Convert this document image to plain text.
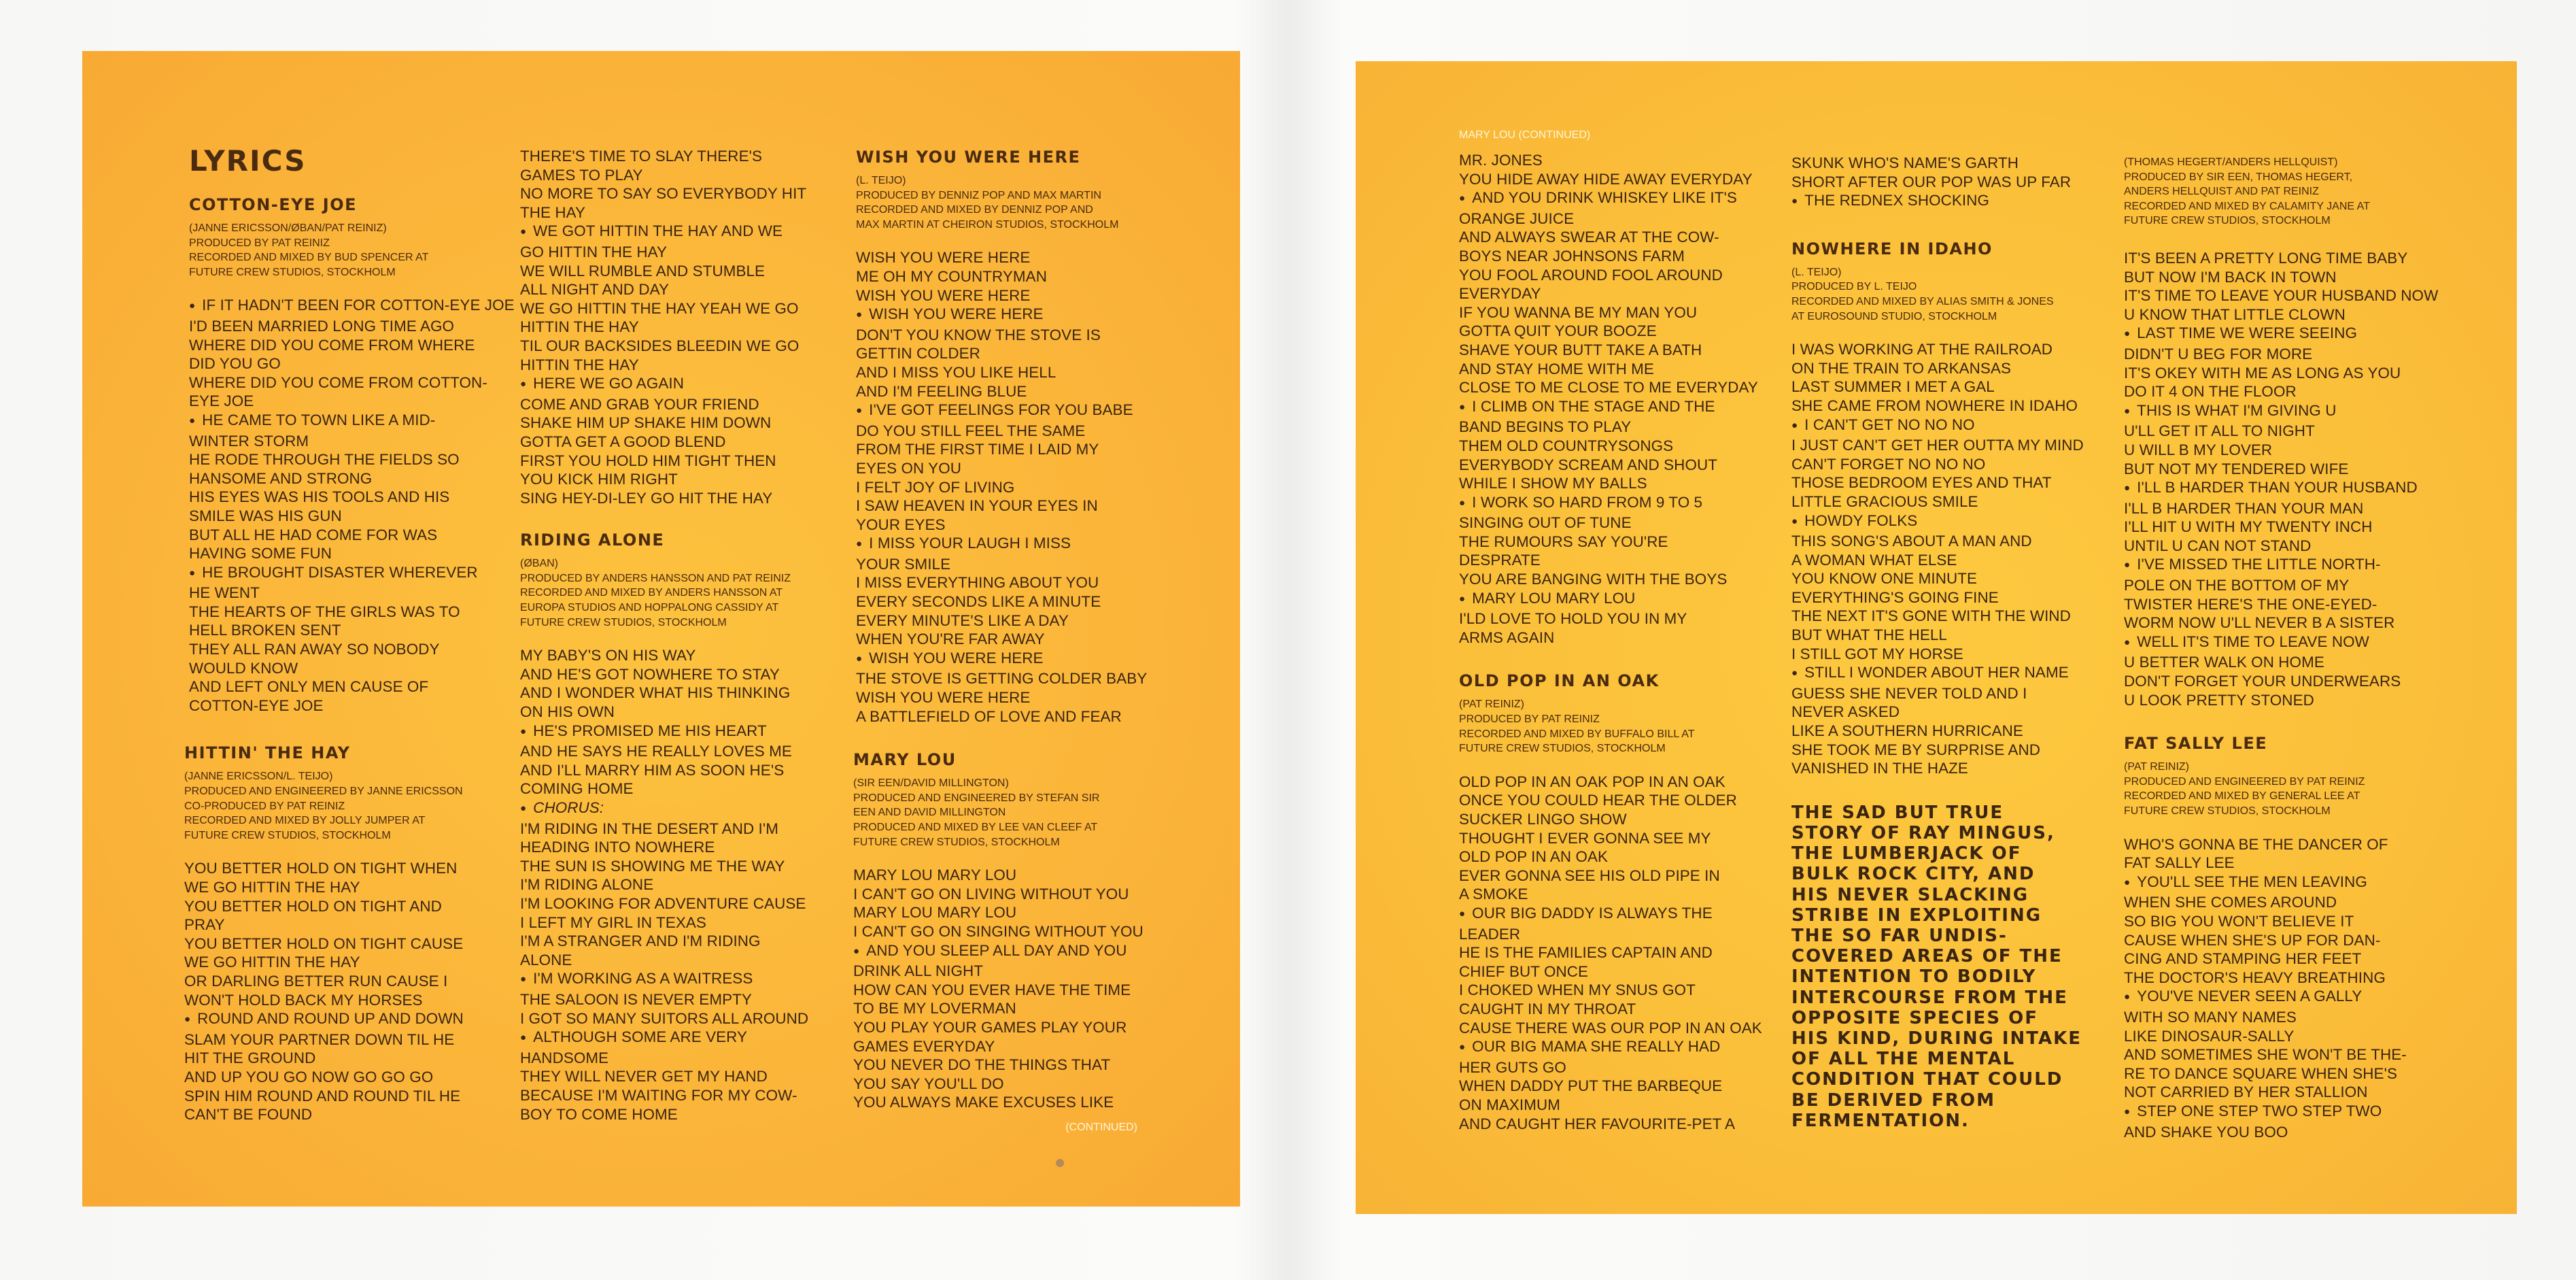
LYRICS
COTTON-EYE JOE
(JANNE ERICSSON/ØBAN/PAT REINIZ)
PRODUCED BY PAT REINIZ
RECORDED AND MIXED BY BUD SPENCER AT
FUTURE CREW STUDIOS, STOCKHOLM
● IF IT HADN'T BEEN FOR COTTON-EYE JOE
I'D BEEN MARRIED LONG TIME AGO
WHERE DID YOU COME FROM WHERE
DID YOU GO
WHERE DID YOU COME FROM COTTON-
EYE JOE
● HE CAME TO TOWN LIKE A MID-
WINTER STORM
HE RODE THROUGH THE FIELDS SO
HANSOME AND STRONG
HIS EYES WAS HIS TOOLS AND HIS
SMILE WAS HIS GUN
BUT ALL HE HAD COME FOR WAS
HAVING SOME FUN
● HE BROUGHT DISASTER WHEREVER
HE WENT
THE HEARTS OF THE GIRLS WAS TO
HELL BROKEN SENT
THEY ALL RAN AWAY SO NOBODY
WOULD KNOW
AND LEFT ONLY MEN CAUSE OF
COTTON-EYE JOE
HITTIN' THE HAY
(JANNE ERICSSON/L. TEIJO)
PRODUCED AND ENGINEERED BY JANNE ERICSSON
CO-PRODUCED BY PAT REINIZ
RECORDED AND MIXED BY JOLLY JUMPER AT
FUTURE CREW STUDIOS, STOCKHOLM
YOU BETTER HOLD ON TIGHT WHEN
WE GO HITTIN THE HAY
YOU BETTER HOLD ON TIGHT AND
PRAY
YOU BETTER HOLD ON TIGHT CAUSE
WE GO HITTIN THE HAY
OR DARLING BETTER RUN CAUSE I
WON'T HOLD BACK MY HORSES
● ROUND AND ROUND UP AND DOWN
SLAM YOUR PARTNER DOWN TIL HE
HIT THE GROUND
AND UP YOU GO NOW GO GO GO
SPIN HIM ROUND AND ROUND TIL HE
CAN'T BE FOUND
THERE'S TIME TO SLAY THERE'S
GAMES TO PLAY
NO MORE TO SAY SO EVERYBODY HIT
THE HAY
● WE GOT HITTIN THE HAY AND WE
GO HITTIN THE HAY
WE WILL RUMBLE AND STUMBLE
ALL NIGHT AND DAY
WE GO HITTIN THE HAY YEAH WE GO
HITTIN THE HAY
TIL OUR BACKSIDES BLEEDIN WE GO
HITTIN THE HAY
● HERE WE GO AGAIN
COME AND GRAB YOUR FRIEND
SHAKE HIM UP SHAKE HIM DOWN
GOTTA GET A GOOD BLEND
FIRST YOU HOLD HIM TIGHT THEN
YOU KICK HIM RIGHT
SING HEY-DI-LEY GO HIT THE HAY
RIDING ALONE
(ØBAN)
PRODUCED BY ANDERS HANSSON AND PAT REINIZ
RECORDED AND MIXED BY ANDERS HANSSON AT
EUROPA STUDIOS AND HOPPALONG CASSIDY AT
FUTURE CREW STUDIOS, STOCKHOLM
MY BABY'S ON HIS WAY
AND HE'S GOT NOWHERE TO STAY
AND I WONDER WHAT HIS THINKING
ON HIS OWN
● HE'S PROMISED ME HIS HEART
AND HE SAYS HE REALLY LOVES ME
AND I'LL MARRY HIM AS SOON HE'S
COMING HOME
● CHORUS:
I'M RIDING IN THE DESERT AND I'M
HEADING INTO NOWHERE
THE SUN IS SHOWING ME THE WAY
I'M RIDING ALONE
I'M LOOKING FOR ADVENTURE CAUSE
I LEFT MY GIRL IN TEXAS
I'M A STRANGER AND I'M RIDING
ALONE
● I'M WORKING AS A WAITRESS
THE SALOON IS NEVER EMPTY
I GOT SO MANY SUITORS ALL AROUND
● ALTHOUGH SOME ARE VERY
HANDSOME
THEY WILL NEVER GET MY HAND
BECAUSE I'M WAITING FOR MY COW-
BOY TO COME HOME
WISH YOU WERE HERE
(L. TEIJO)
PRODUCED BY DENNIZ POP AND MAX MARTIN
RECORDED AND MIXED BY DENNIZ POP AND
MAX MARTIN AT CHEIRON STUDIOS, STOCKHOLM
WISH YOU WERE HERE
ME OH MY COUNTRYMAN
WISH YOU WERE HERE
● WISH YOU WERE HERE
DON'T YOU KNOW THE STOVE IS
GETTIN COLDER
AND I MISS YOU LIKE HELL
AND I'M FEELING BLUE
● I'VE GOT FEELINGS FOR YOU BABE
DO YOU STILL FEEL THE SAME
FROM THE FIRST TIME I LAID MY
EYES ON YOU
I FELT JOY OF LIVING
I SAW HEAVEN IN YOUR EYES IN
YOUR EYES
● I MISS YOUR LAUGH I MISS
YOUR SMILE
I MISS EVERYTHING ABOUT YOU
EVERY SECONDS LIKE A MINUTE
EVERY MINUTE'S LIKE A DAY
WHEN YOU'RE FAR AWAY
● WISH YOU WERE HERE
THE STOVE IS GETTING COLDER BABY
WISH YOU WERE HERE
A BATTLEFIELD OF LOVE AND FEAR
MARY LOU
(SIR EEN/DAVID MILLINGTON)
PRODUCED AND ENGINEERED BY STEFAN SIR
EEN AND DAVID MILLINGTON
PRODUCED AND MIXED BY LEE VAN CLEEF AT
FUTURE CREW STUDIOS, STOCKHOLM
MARY LOU MARY LOU
I CAN'T GO ON LIVING WITHOUT YOU
MARY LOU MARY LOU
I CAN'T GO ON SINGING WITHOUT YOU
● AND YOU SLEEP ALL DAY AND YOU
DRINK ALL NIGHT
HOW CAN YOU EVER HAVE THE TIME
TO BE MY LOVERMAN
YOU PLAY YOUR GAMES PLAY YOUR
GAMES EVERYDAY
YOU NEVER DO THE THINGS THAT
YOU SAY YOU'LL DO
YOU ALWAYS MAKE EXCUSES LIKE
(CONTINUED)
MARY LOU (CONTINUED)
MR. JONES
YOU HIDE AWAY HIDE AWAY EVERYDAY
● AND YOU DRINK WHISKEY LIKE IT'S
ORANGE JUICE
AND ALWAYS SWEAR AT THE COW-
BOYS NEAR JOHNSONS FARM
YOU FOOL AROUND FOOL AROUND
EVERYDAY
IF YOU WANNA BE MY MAN YOU
GOTTA QUIT YOUR BOOZE
SHAVE YOUR BUTT TAKE A BATH
AND STAY HOME WITH ME
CLOSE TO ME CLOSE TO ME EVERYDAY
● I CLIMB ON THE STAGE AND THE
BAND BEGINS TO PLAY
THEM OLD COUNTRYSONGS
EVERYBODY SCREAM AND SHOUT
WHILE I SHOW MY BALLS
● I WORK SO HARD FROM 9 TO 5
SINGING OUT OF TUNE
THE RUMOURS SAY YOU'RE
DESPRATE
YOU ARE BANGING WITH THE BOYS
● MARY LOU MARY LOU
I'LD LOVE TO HOLD YOU IN MY
ARMS AGAIN
OLD POP IN AN OAK
(PAT REINIZ)
PRODUCED BY PAT REINIZ
RECORDED AND MIXED BY BUFFALO BILL AT
FUTURE CREW STUDIOS, STOCKHOLM
OLD POP IN AN OAK POP IN AN OAK
ONCE YOU COULD HEAR THE OLDER
SUCKER LINGO SHOW
THOUGHT I EVER GONNA SEE MY
OLD POP IN AN OAK
EVER GONNA SEE HIS OLD PIPE IN
A SMOKE
● OUR BIG DADDY IS ALWAYS THE
LEADER
HE IS THE FAMILIES CAPTAIN AND
CHIEF BUT ONCE
I CHOKED WHEN MY SNUS GOT
CAUGHT IN MY THROAT
CAUSE THERE WAS OUR POP IN AN OAK
● OUR BIG MAMA SHE REALLY HAD
HER GUTS GO
WHEN DADDY PUT THE BARBEQUE
ON MAXIMUM
AND CAUGHT HER FAVOURITE-PET A
SKUNK WHO'S NAME'S GARTH
SHORT AFTER OUR POP WAS UP FAR
● THE REDNEX SHOCKING
NOWHERE IN IDAHO
(L. TEIJO)
PRODUCED BY L. TEIJO
RECORDED AND MIXED BY ALIAS SMITH & JONES
AT EUROSOUND STUDIO, STOCKHOLM
I WAS WORKING AT THE RAILROAD
ON THE TRAIN TO ARKANSAS
LAST SUMMER I MET A GAL
SHE CAME FROM NOWHERE IN IDAHO
● I CAN'T GET NO NO NO
I JUST CAN'T GET HER OUTTA MY MIND
CAN'T FORGET NO NO NO
THOSE BEDROOM EYES AND THAT
LITTLE GRACIOUS SMILE
● HOWDY FOLKS
THIS SONG'S ABOUT A MAN AND
A WOMAN WHAT ELSE
YOU KNOW ONE MINUTE
EVERYTHING'S GOING FINE
THE NEXT IT'S GONE WITH THE WIND
BUT WHAT THE HELL
I STILL GOT MY HORSE
● STILL I WONDER ABOUT HER NAME
GUESS SHE NEVER TOLD AND I
NEVER ASKED
LIKE A SOUTHERN HURRICANE
SHE TOOK ME BY SURPRISE AND
VANISHED IN THE HAZE
THE SAD BUT TRUE
STORY OF RAY MINGUS,
THE LUMBERJACK OF
BULK ROCK CITY, AND
HIS NEVER SLACKING
STRIBE IN EXPLOITING
THE SO FAR UNDIS-
COVERED AREAS OF THE
INTENTION TO BODILY
INTERCOURSE FROM THE
OPPOSITE SPECIES OF
HIS KIND, DURING INTAKE
OF ALL THE MENTAL
CONDITION THAT COULD
BE DERIVED FROM
FERMENTATION.
(THOMAS HEGERT/ANDERS HELLQUIST)
PRODUCED BY SIR EEN, THOMAS HEGERT,
ANDERS HELLQUIST AND PAT REINIZ
RECORDED AND MIXED BY CALAMITY JANE AT
FUTURE CREW STUDIOS, STOCKHOLM
IT'S BEEN A PRETTY LONG TIME BABY
BUT NOW I'M BACK IN TOWN
IT'S TIME TO LEAVE YOUR HUSBAND NOW
U KNOW THAT LITTLE CLOWN
● LAST TIME WE WERE SEEING
DIDN'T U BEG FOR MORE
IT'S OKEY WITH ME AS LONG AS YOU
DO IT 4 ON THE FLOOR
● THIS IS WHAT I'M GIVING U
U'LL GET IT ALL TO NIGHT
U WILL B MY LOVER
BUT NOT MY TENDERED WIFE
● I'LL B HARDER THAN YOUR HUSBAND
I'LL B HARDER THAN YOUR MAN
I'LL HIT U WITH MY TWENTY INCH
UNTIL U CAN NOT STAND
● I'VE MISSED THE LITTLE NORTH-
POLE ON THE BOTTOM OF MY
TWISTER HERE'S THE ONE-EYED-
WORM NOW U'LL NEVER B A SISTER
● WELL IT'S TIME TO LEAVE NOW
U BETTER WALK ON HOME
DON'T FORGET YOUR UNDERWEARS
U LOOK PRETTY STONED
FAT SALLY LEE
(PAT REINIZ)
PRODUCED AND ENGINEERED BY PAT REINIZ
RECORDED AND MIXED BY GENERAL LEE AT
FUTURE CREW STUDIOS, STOCKHOLM
WHO'S GONNA BE THE DANCER OF
FAT SALLY LEE
● YOU'LL SEE THE MEN LEAVING
WHEN SHE COMES AROUND
SO BIG YOU WON'T BELIEVE IT
CAUSE WHEN SHE'S UP FOR DAN-
CING AND STAMPING HER FEET
THE DOCTOR'S HEAVY BREATHING
● YOU'VE NEVER SEEN A GALLY
WITH SO MANY NAMES
LIKE DINOSAUR-SALLY
AND SOMETIMES SHE WON'T BE THE-
RE TO DANCE SQUARE WHEN SHE'S
NOT CARRIED BY HER STALLION
● STEP ONE STEP TWO STEP TWO
AND SHAKE YOU BOO
